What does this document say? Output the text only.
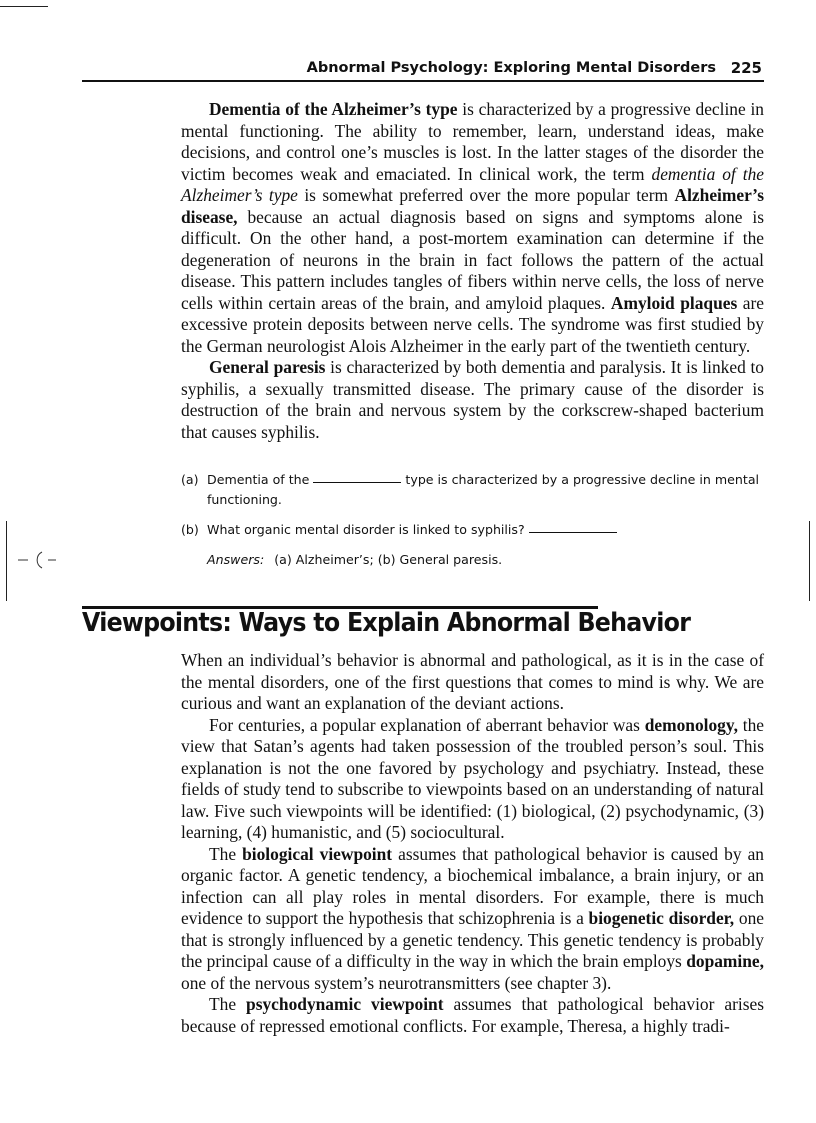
Abnormal Psychology: Exploring Mental Disorders 225

Dementia of the Alzheimer’s type is characterized by a progressive decline in mental functioning. The ability to remember, learn, understand ideas, make decisions, and control one’s muscles is lost. In the latter stages of the disorder the victim becomes weak and emaciated. In clinical work, the term dementia of the Alzheimer’s type is somewhat preferred over the more popular term Alzheimer’s disease, because an actual diagnosis based on signs and symptoms alone is difficult. On the other hand, a post-mortem examination can determine if the degeneration of neurons in the brain in fact follows the pattern of the actual disease. This pattern includes tangles of fibers within nerve cells, the loss of nerve cells within certain areas of the brain, and amyloid plaques. Amyloid plaques are excessive protein deposits between nerve cells. The syndrome was first studied by the German neurologist Alois Alzheimer in the early part of the twentieth century.

General paresis is characterized by both dementia and paralysis. It is linked to syphilis, a sexually transmitted disease. The primary cause of the disorder is destruction of the brain and nervous system by the corkscrew-shaped bacterium that causes syphilis.

(a) Dementia of the	type is characterized by a progressive decline in mental functioning.
(b) What organic mental disorder is linked to syphilis?
Answers: (a) Alzheimer’s; (b) General paresis.
Viewpoints: Ways to Explain Abnormal Behavior

When an individual’s behavior is abnormal and pathological, as it is in the case of the mental disorders, one of the first questions that comes to mind is why. We are curious and want an explanation of the deviant actions.

For centuries, a popular explanation of aberrant behavior was demonology, the view that Satan’s agents had taken possession of the troubled person’s soul. This explanation is not the one favored by psychology and psychiatry. Instead, these fields of study tend to subscribe to viewpoints based on an understanding of natural law. Five such viewpoints will be identified: (1) biological, (2) psychodynamic, (3) learning, (4) humanistic, and (5) sociocultural.

The biological viewpoint assumes that pathological behavior is caused by an organic factor. A genetic tendency, a biochemical imbalance, a brain injury, or an infection can all play roles in mental disorders. For example, there is much evidence to support the hypothesis that schizophrenia is a biogenetic disorder, one that is strongly influenced by a genetic tendency. This genetic tendency is probably the principal cause of a difficulty in the way in which the brain employs dopamine, one of the nervous system’s neurotransmitters (see chapter 3).

The psychodynamic viewpoint assumes that pathological behavior arises because of repressed emotional conflicts. For example, Theresa, a highly tradi-
